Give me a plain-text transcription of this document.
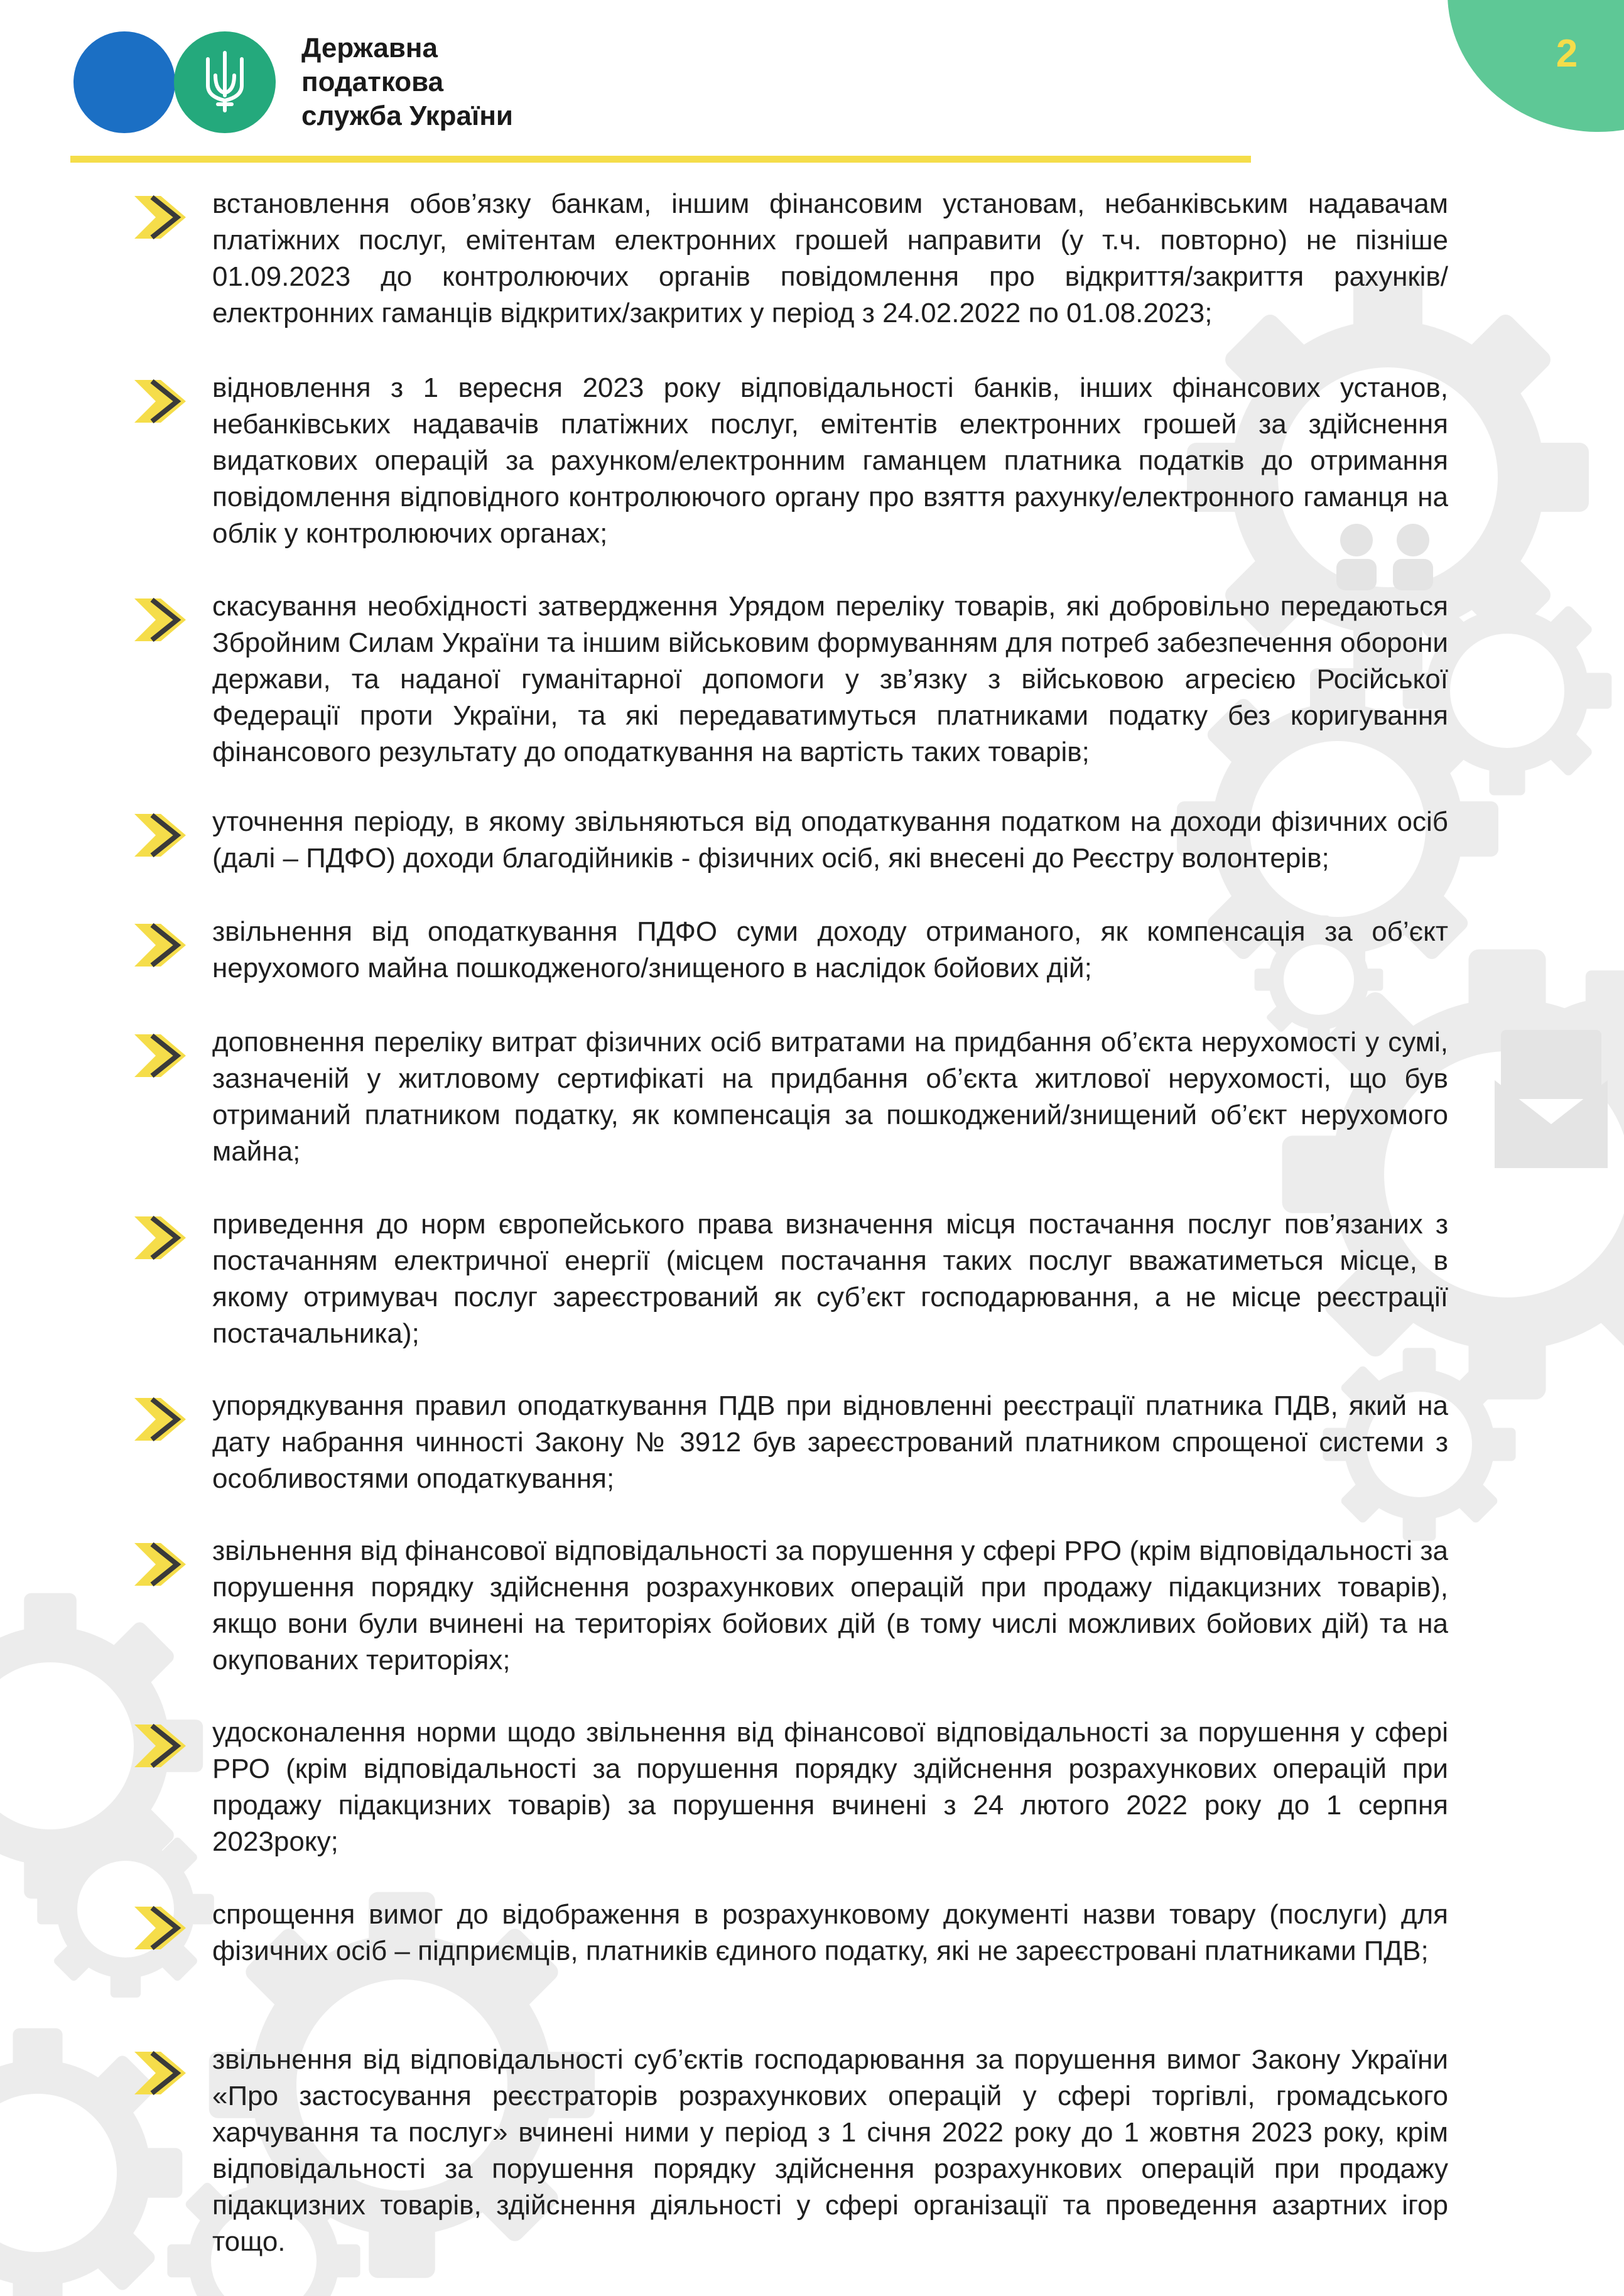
Державна
податкова
служба України
2
встановлення обов’язку банкам, іншим фінансовим установам, небанківським надавачам платіжних послуг, емітентам електронних грошей направити (у т.ч. повторно) не пізніше 01.09.2023 до контролюючих органів повідомлення про відкриття/закриття рахунків/ електронних гаманців відкритих/закритих у період з 24.02.2022 по 01.08.2023;
відновлення з 1 вересня 2023 року відповідальності банків, інших фінансових установ, небанківських надавачів платіжних послуг, емітентів електронних грошей за здійснення видаткових операцій за рахунком/електронним гаманцем платника податків до отримання повідомлення відповідного контролюючого органу про взяття рахунку/електронного гаманця на облік у контролюючих органах;
скасування необхідності затвердження Урядом переліку товарів, які добровільно передаються Збройним Силам України та іншим військовим формуванням для потреб забезпечення оборони держави, та наданої гуманітарної допомоги у зв’язку з військовою агресією Російської Федерації проти України, та які передаватимуться платниками податку без коригування фінансового результату до оподаткування на вартість таких товарів;
уточнення періоду, в якому звільняються від оподаткування податком на доходи фізичних осіб (далі – ПДФО) доходи благодійників - фізичних осіб, які внесені до Реєстру волонтерів;
звільнення від оподаткування ПДФО суми доходу отриманого, як компенсація за об’єкт нерухомого майна пошкодженого/знищеного в наслідок бойових дій;
доповнення переліку витрат фізичних осіб витратами на придбання об’єкта нерухомості у сумі, зазначеній у житловому сертифікаті на придбання об’єкта житлової нерухомості, що був отриманий платником податку, як компенсація за пошкоджений/знищений об’єкт нерухомого майна;
приведення до норм європейського права визначення місця постачання послуг пов’язаних з постачанням електричної енергії (місцем постачання таких послуг вважатиметься місце, в якому отримувач послуг зареєстрований як суб’єкт господарювання, а не місце реєстрації постачальника);
упорядкування правил оподаткування ПДВ при відновленні реєстрації платника ПДВ, який на дату набрання чинності Закону № 3912 був зареєстрований платником спрощеної системи з особливостями оподаткування;
звільнення від фінансової відповідальності за порушення у сфері РРО (крім відповідальності за порушення порядку здійснення розрахункових операцій при продажу підакцизних товарів), якщо вони були вчинені на територіях бойових дій (в тому числі можливих бойових дій) та на окупованих територіях;
удосконалення норми щодо звільнення від фінансової відповідальності за порушення у сфері РРО (крім відповідальності за порушення порядку здійснення розрахункових операцій при продажу підакцизних товарів) за порушення вчинені з 24 лютого 2022 року до 1 серпня 2023року;
спрощення вимог до відображення в розрахунковому документі назви товару (послуги) для фізичних осіб – підприємців, платників єдиного податку, які не зареєстровані платниками ПДВ;
звільнення від відповідальності суб’єктів господарювання за порушення вимог Закону України «Про застосування реєстраторів розрахункових операцій у сфері торгівлі, громадського харчування та послуг» вчинені ними у період з 1 січня 2022 року до 1 жовтня 2023 року, крім відповідальності за порушення порядку здійснення розрахункових операцій при продажу підакцизних товарів, здійснення діяльності у сфері організації та проведення азартних ігор тощо.
